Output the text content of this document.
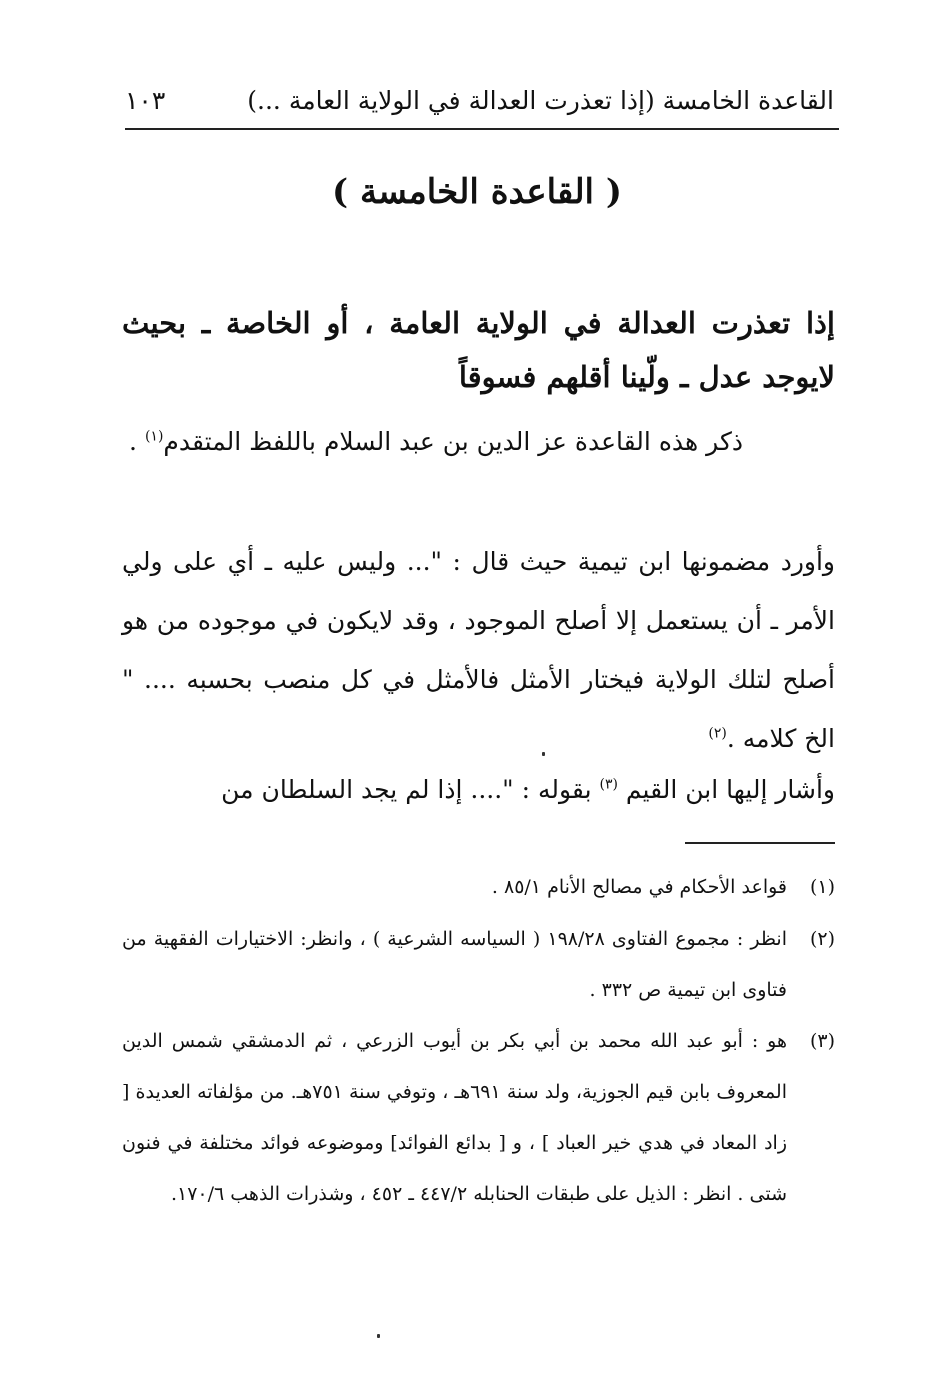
القاعدة الخامسة (إذا تعذرت العدالة في الولاية العامة ...)
١٠٣
( القاعدة الخامسة )

إذا تعذرت العدالة في الولاية العامة ، أو الخاصة ـ بحيث لايوجد عدل ـ ولّينا أقلهم فسوقاً

ذكر هذه القاعدة عز الدين بن عبد السلام باللفظ المتقدم$^{(١)}$ .

وأورد مضمونها ابن تيمية حيث قال : "... وليس عليه ـ أي على ولي الأمر ـ أن يستعمل إلا أصلح الموجود ، وقد لايكون في موجوده من هو أصلح لتلك الولاية فيختار الأمثل فالأمثل في كل منصب بحسبه .... " الخ كلامه .$^{(٢)}$

وأشار إليها ابن القيم $^{(٣)}$ بقوله : ".... إذا لم يجد السلطان من

(١)قواعد الأحكام في مصالح الأنام ٨٥/١ .

(٢)انظر : مجموع الفتاوى ١٩٨/٢٨ ( السياسه الشرعية ) ، وانظر: الاختيارات الفقهية من فتاوى ابن تيمية ص ٣٣٢ .

(٣)هو : أبو عبد الله محمد بن أبي بكر بن أيوب الزرعي ، ثم الدمشقي شمس الدين المعروف بابن قيم الجوزية، ولد سنة ٦٩١هـ ، وتوفي سنة ٧٥١هـ. من مؤلفاته العديدة [ زاد المعاد في هدي خير العباد ] ، و [ بدائع الفوائد] وموضوعه فوائد مختلفة في فنون شتى . انظر : الذيل على طبقات الحنابله ٤٤٧/٢ ـ ٤٥٢ ، وشذرات الذهب ١٧٠/٦.
